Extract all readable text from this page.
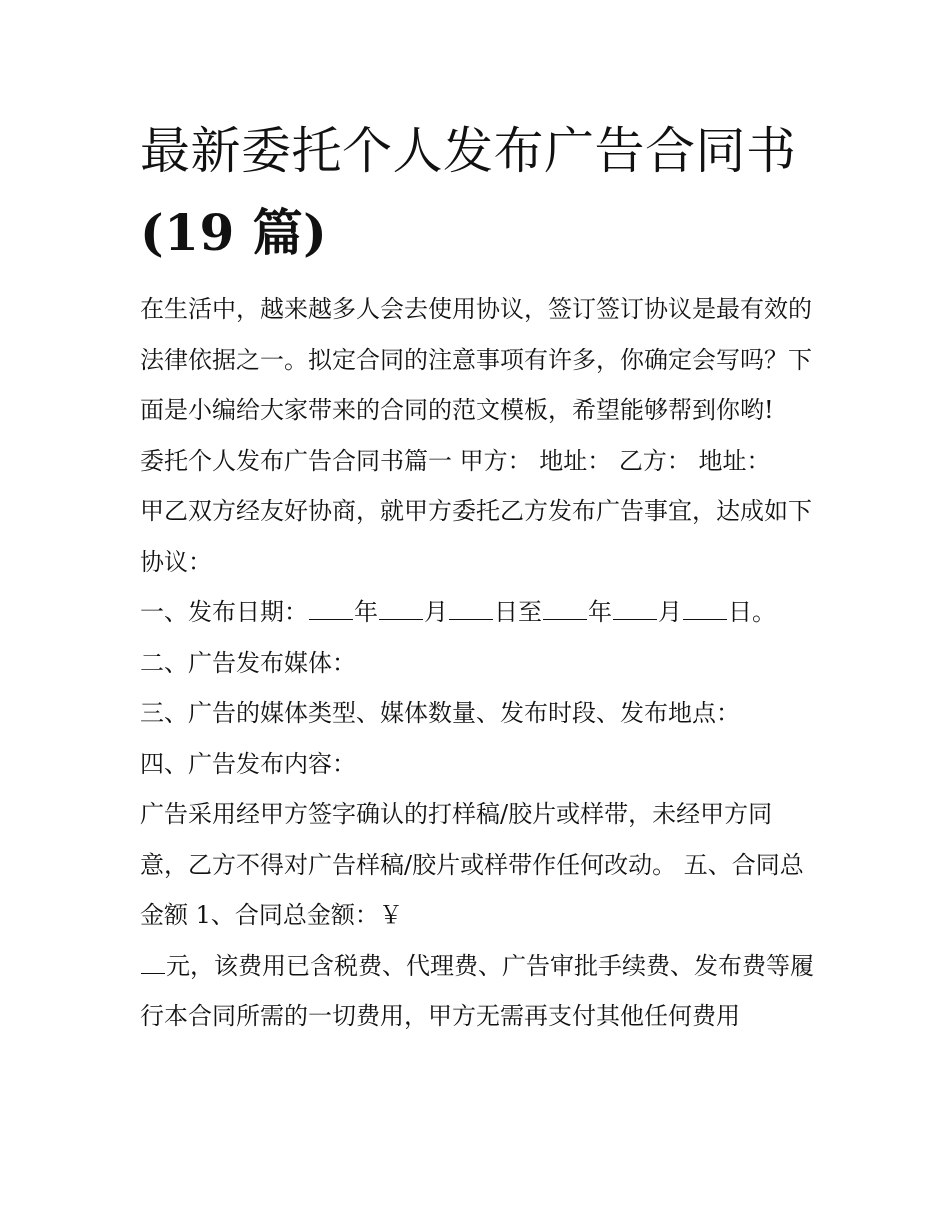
最新委托个人发布广告合同书
(19 篇)

在生活中，越来越多人会去使用协议，签订签订协议是最有效的法律依据之一。拟定合同的注意事项有许多，你确定会写吗？下面是小编给大家带来的合同的范文模板，希望能够帮到你哟!

委托个人发布广告合同书篇一 甲方： 地址： 乙方： 地址：

甲乙双方经友好协商，就甲方委托乙方发布广告事宜，达成如下协议：

一、发布日期： 年 月 日至 年 月 日。

二、广告发布媒体：

三、广告的媒体类型、媒体数量、发布时段、发布地点：

四、广告发布内容：

广告采用经甲方签字确认的打样稿/胶片或样带，未经甲方同意，乙方不得对广告样稿/胶片或样带作任何改动。 五、合同总金额 1、合同总金额：￥

元，该费用已含税费、代理费、广告审批手续费、发布费等履行本合同所需的一切费用，甲方无需再支付其他任何费用
